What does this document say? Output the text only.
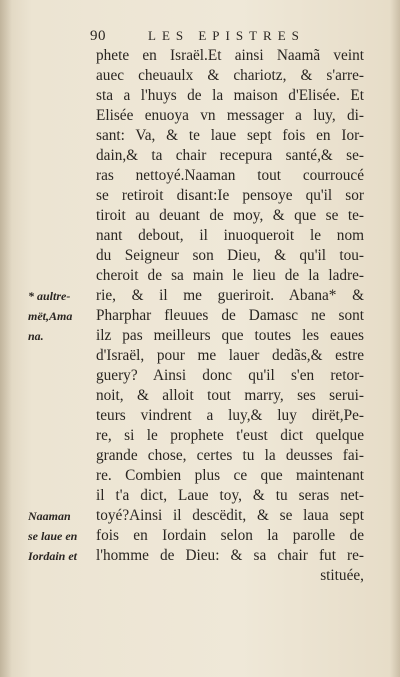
90	LES EPISTRES
phete en Israël.Et ainsi Naamã veint
auec cheuaulx & chariotz, & s'arre-
sta a l'huys de la maison d'Elisée. Et
Elisée enuoya vn messager a luy, di-
sant: Va, & te laue sept fois en Ior-
dain,& ta chair recepura santé,& se-
ras nettoyé.Naaman tout courroucé
se retiroit disant:Ie pensoye qu'il sor
tiroit au deuant de moy, & que se te-
nant debout, il inuoqueroit le nom
du Seigneur son Dieu, & qu'il tou-
cheroit de sa main le lieu de la ladre-
rie, & il me gueriroit. Abana* &
Pharphar fleuues de Damasc ne sont
ilz pas meilleurs que toutes les eaues
d'Israël, pour me lauer dedãs,& estre
guery? Ainsi donc qu'il s'en retor-
noit, & alloit tout marry, ses serui-
teurs vindrent a luy,& luy dirët,Pe-
re, si le prophete t'eust dict quelque
grande chose, certes tu la deusses fai-
re. Combien plus ce que maintenant
il t'a dict, Laue toy, & tu seras net-
toyé?Ainsi il descëdit, & se laua sept
fois en Iordain selon la parolle de
l'homme de Dieu: & sa chair fut re-
stituée,
* aultre-
mët,Ama
na.
Naaman
se laue en
Iordain et
